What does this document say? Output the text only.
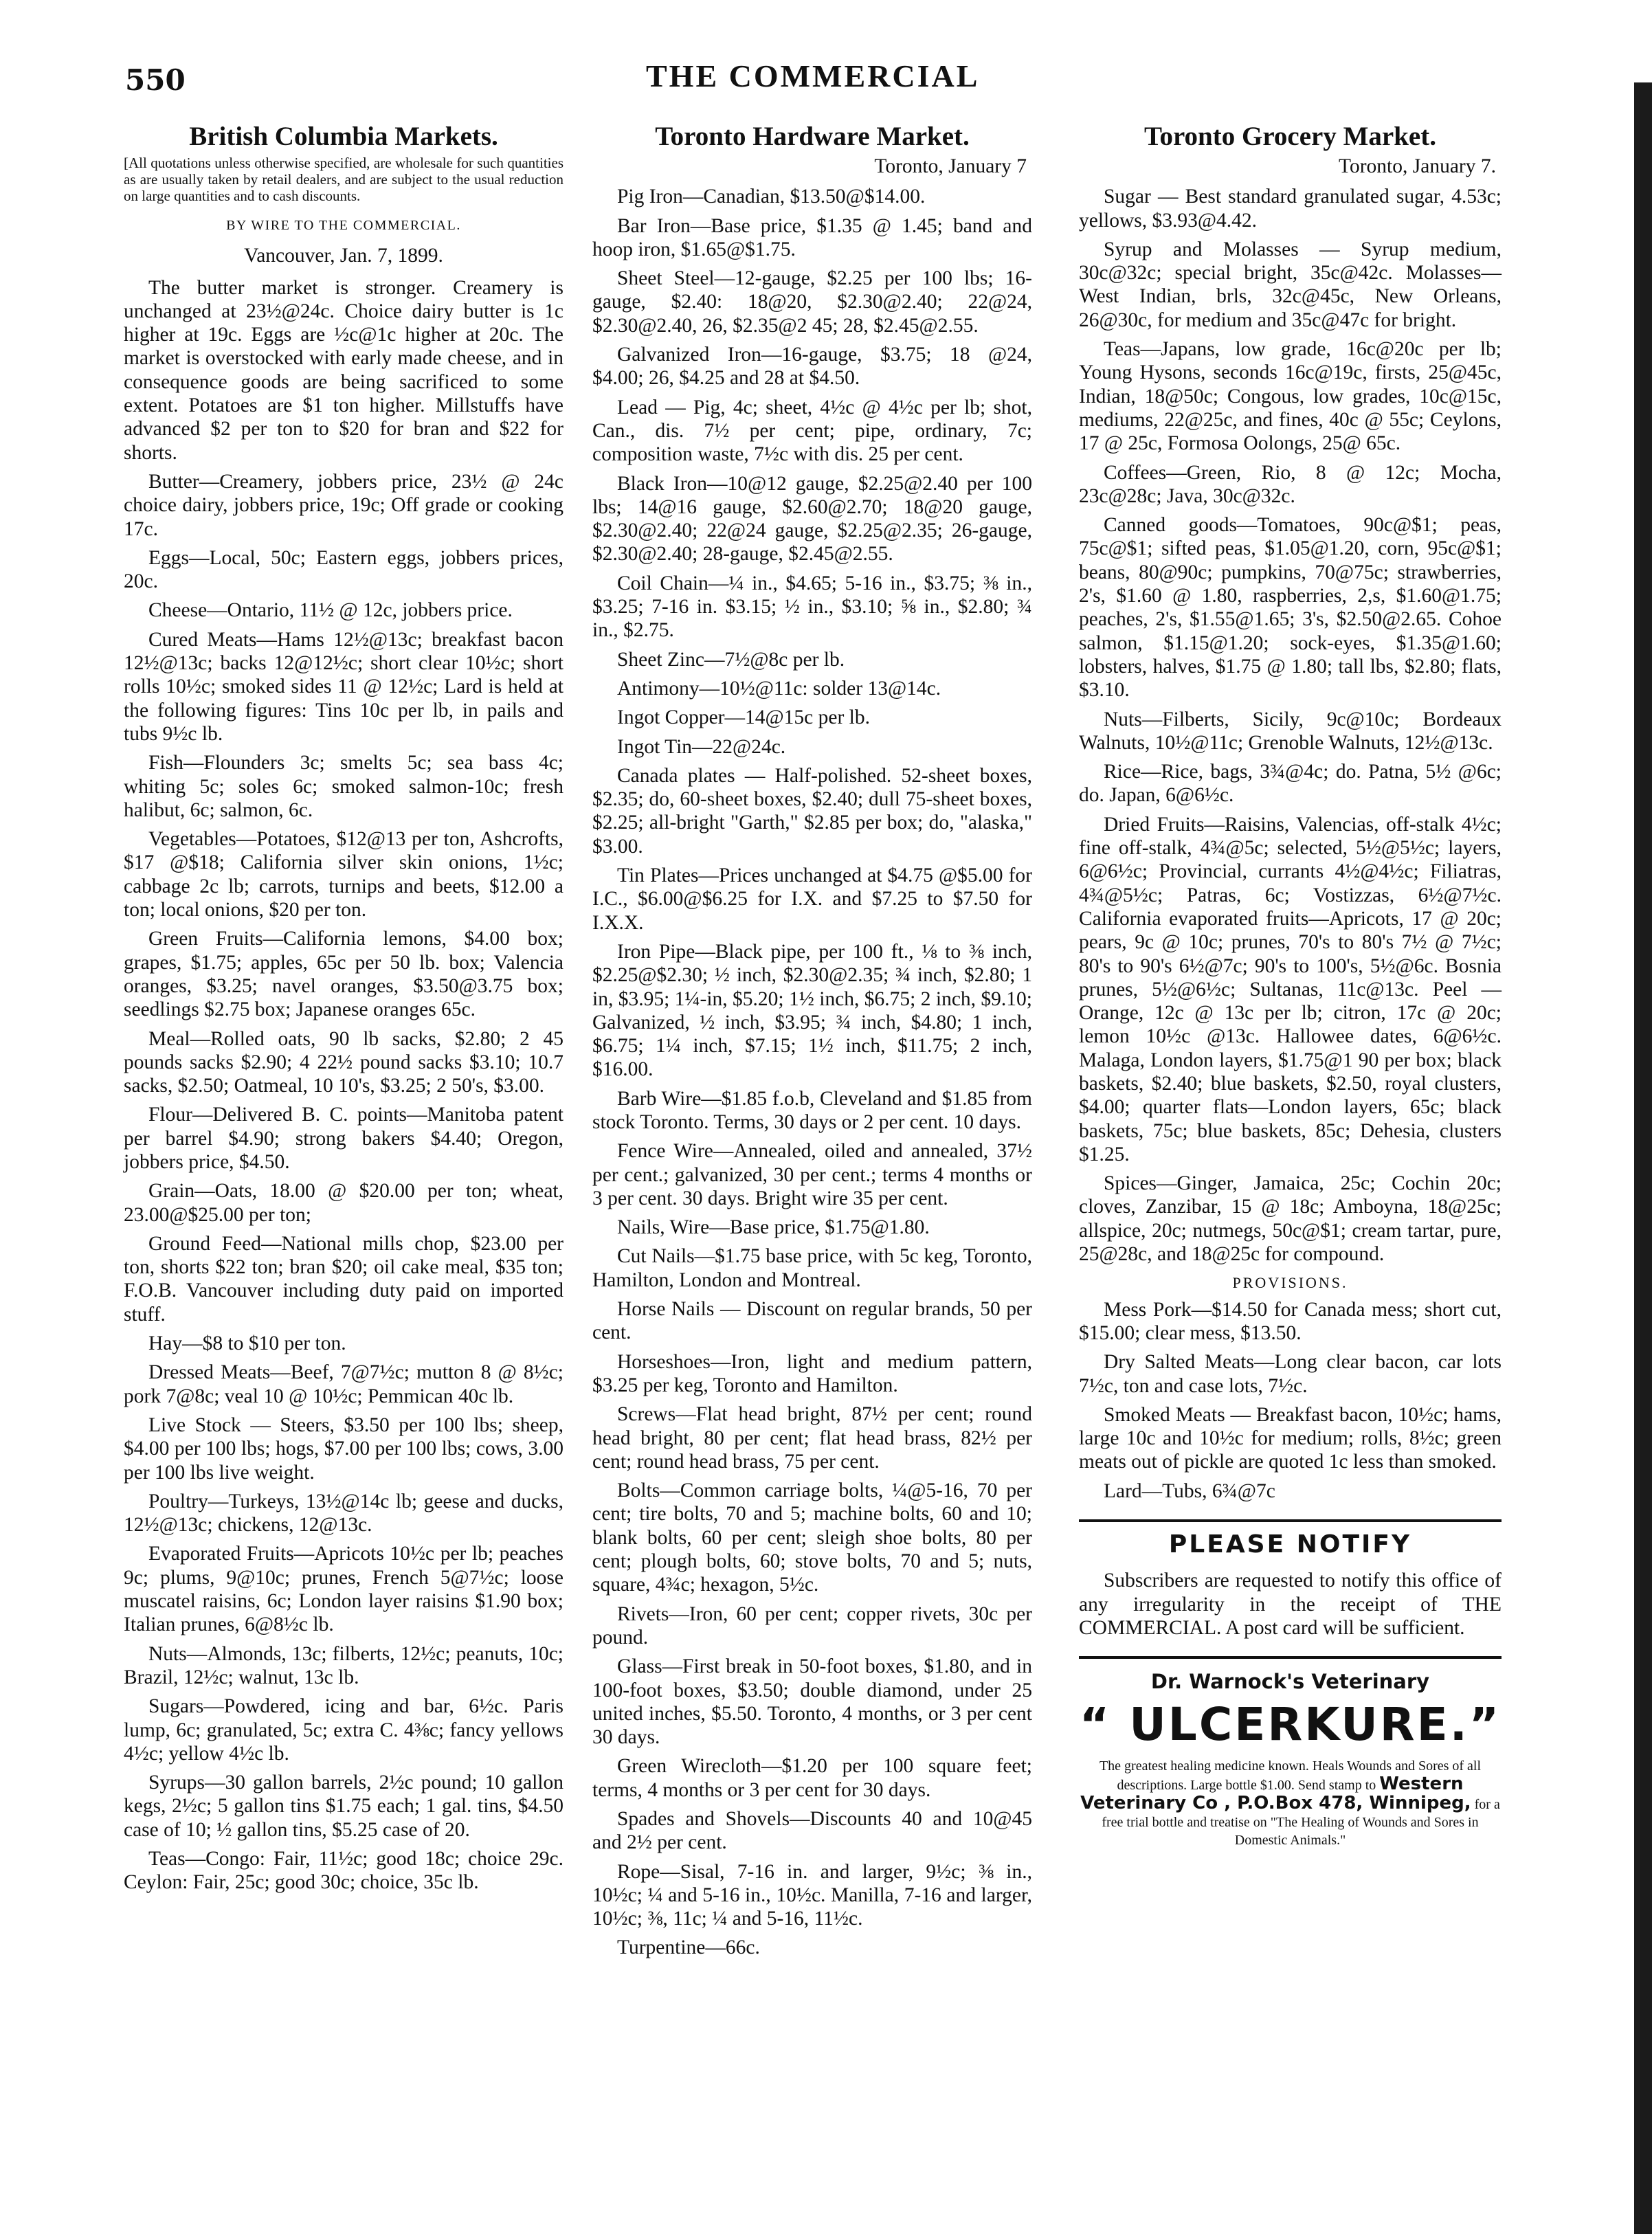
550	THE COMMERCIAL
British Columbia Markets.
[All quotations unless otherwise specified, are wholesale for such quantities as are usually taken by retail dealers, and are subject to the usual reduction on large quantities and to cash discounts.
BY WIRE TO THE COMMERCIAL.
Vancouver, Jan. 7, 1899.

The butter market is stronger. Creamery is unchanged at 23½@24c. Choice dairy butter is 1c higher at 19c. Eggs are ½c@1c higher at 20c. The market is overstocked with early made cheese, and in consequence goods are being sacrificed to some extent. Potatoes are $1 ton higher. Millstuffs have advanced $2 per ton to $20 for bran and $22 for shorts.

Butter—Creamery, jobbers price, 23½ @ 24c choice dairy, jobbers price, 19c; Off grade or cooking 17c.

Eggs—Local, 50c; Eastern eggs, jobbers prices, 20c.

Cheese—Ontario, 11½ @ 12c, jobbers price.

Cured Meats—Hams 12½@13c; breakfast bacon 12½@13c; backs 12@12½c; short clear 10½c; short rolls 10½c; smoked sides 11 @ 12½c; Lard is held at the following figures: Tins 10c per lb, in pails and tubs 9½c lb.

Fish—Flounders 3c; smelts 5c; sea bass 4c; whiting 5c; soles 6c; smoked salmon-10c; fresh halibut, 6c; salmon, 6c.

Vegetables—Potatoes, $12@13 per ton, Ashcrofts, $17 @$18; California silver skin onions, 1½c; cabbage 2c lb; carrots, turnips and beets, $12.00 a ton; local onions, $20 per ton.

Green Fruits—California lemons, $4.00 box; grapes, $1.75; apples, 65c per 50 lb. box; Valencia oranges, $3.25; navel oranges, $3.50@3.75 box; seedlings $2.75 box; Japanese oranges 65c.

Meal—Rolled oats, 90 lb sacks, $2.80; 2 45 pounds sacks $2.90; 4 22½ pound sacks $3.10; 10.7 sacks, $2.50; Oatmeal, 10 10's, $3.25; 2 50's, $3.00.

Flour—Delivered B. C. points—Manitoba patent per barrel $4.90; strong bakers $4.40; Oregon, jobbers price, $4.50.

Grain—Oats, 18.00 @ $20.00 per ton; wheat, 23.00@$25.00 per ton;

Ground Feed—National mills chop, $23.00 per ton, shorts $22 ton; bran $20; oil cake meal, $35 ton; F.O.B. Vancouver including duty paid on imported stuff.

Hay—$8 to $10 per ton.

Dressed Meats—Beef, 7@7½c; mutton 8 @ 8½c; pork 7@8c; veal 10 @ 10½c; Pemmican 40c lb.

Live Stock — Steers, $3.50 per 100 lbs; sheep, $4.00 per 100 lbs; hogs, $7.00 per 100 lbs; cows, 3.00 per 100 lbs live weight.

Poultry—Turkeys, 13½@14c lb; geese and ducks, 12½@13c; chickens, 12@13c.

Evaporated Fruits—Apricots 10½c per lb; peaches 9c; plums, 9@10c; prunes, French 5@7½c; loose muscatel raisins, 6c; London layer raisins $1.90 box; Italian prunes, 6@8½c lb.

Nuts—Almonds, 13c; filberts, 12½c; peanuts, 10c; Brazil, 12½c; walnut, 13c lb.

Sugars—Powdered, icing and bar, 6½c. Paris lump, 6c; granulated, 5c; extra C. 4⅜c; fancy yellows 4½c; yellow 4½c lb.

Syrups—30 gallon barrels, 2½c pound; 10 gallon kegs, 2½c; 5 gallon tins $1.75 each; 1 gal. tins, $4.50 case of 10; ½ gallon tins, $5.25 case of 20.

Teas—Congo: Fair, 11½c; good 18c; choice 29c. Ceylon: Fair, 25c; good 30c; choice, 35c lb.

Toronto Hardware Market.
Toronto, January 7

Pig Iron—Canadian, $13.50@$14.00.

Bar Iron—Base price, $1.35 @ 1.45; band and hoop iron, $1.65@$1.75.

Sheet Steel—12-gauge, $2.25 per 100 lbs; 16-gauge, $2.40: 18@20, $2.30@2.40; 22@24, $2.30@2.40, 26, $2.35@2 45; 28, $2.45@2.55.

Galvanized Iron—16-gauge, $3.75; 18 @24, $4.00; 26, $4.25 and 28 at $4.50.

Lead — Pig, 4c; sheet, 4½c @ 4½c per lb; shot, Can., dis. 7½ per cent; pipe, ordinary, 7c; composition waste, 7½c with dis. 25 per cent.

Black Iron—10@12 gauge, $2.25@2.40 per 100 lbs; 14@16 gauge, $2.60@2.70; 18@20 gauge, $2.30@2.40; 22@24 gauge, $2.25@2.35; 26-gauge, $2.30@2.40; 28-gauge, $2.45@2.55.

Coil Chain—¼ in., $4.65; 5-16 in., $3.75; ⅜ in., $3.25; 7-16 in. $3.15; ½ in., $3.10; ⅝ in., $2.80; ¾ in., $2.75.

Sheet Zinc—7½@8c per lb.

Antimony—10½@11c: solder 13@14c.

Ingot Copper—14@15c per lb.

Ingot Tin—22@24c.

Canada plates — Half-polished. 52-sheet boxes, $2.35; do, 60-sheet boxes, $2.40; dull 75-sheet boxes, $2.25; all-bright "Garth," $2.85 per box; do, "alaska," $3.00.

Tin Plates—Prices unchanged at $4.75 @$5.00 for I.C., $6.00@$6.25 for I.X. and $7.25 to $7.50 for I.X.X.

Iron Pipe—Black pipe, per 100 ft., ⅛ to ⅜ inch, $2.25@$2.30; ½ inch, $2.30@2.35; ¾ inch, $2.80; 1 in, $3.95; 1¼-in, $5.20; 1½ inch, $6.75; 2 inch, $9.10; Galvanized, ½ inch, $3.95; ¾ inch, $4.80; 1 inch, $6.75; 1¼ inch, $7.15; 1½ inch, $11.75; 2 inch, $16.00.

Barb Wire—$1.85 f.o.b, Cleveland and $1.85 from stock Toronto. Terms, 30 days or 2 per cent. 10 days.

Fence Wire—Annealed, oiled and annealed, 37½ per cent.; galvanized, 30 per cent.; terms 4 months or 3 per cent. 30 days. Bright wire 35 per cent.

Nails, Wire—Base price, $1.75@1.80.

Cut Nails—$1.75 base price, with 5c keg, Toronto, Hamilton, London and Montreal.

Horse Nails — Discount on regular brands, 50 per cent.

Horseshoes—Iron, light and medium pattern, $3.25 per keg, Toronto and Hamilton.

Screws—Flat head bright, 87½ per cent; round head bright, 80 per cent; flat head brass, 82½ per cent; round head brass, 75 per cent.

Bolts—Common carriage bolts, ¼@5-16, 70 per cent; tire bolts, 70 and 5; machine bolts, 60 and 10; blank bolts, 60 per cent; sleigh shoe bolts, 80 per cent; plough bolts, 60; stove bolts, 70 and 5; nuts, square, 4¾c; hexagon, 5½c.

Rivets—Iron, 60 per cent; copper rivets, 30c per pound.

Glass—First break in 50-foot boxes, $1.80, and in 100-foot boxes, $3.50; double diamond, under 25 united inches, $5.50. Toronto, 4 months, or 3 per cent 30 days.

Green Wirecloth—$1.20 per 100 square feet; terms, 4 months or 3 per cent for 30 days.

Spades and Shovels—Discounts 40 and 10@45 and 2½ per cent.

Rope—Sisal, 7-16 in. and larger, 9½c; ⅜ in., 10½c; ¼ and 5-16 in., 10½c. Manilla, 7-16 and larger, 10½c; ⅜, 11c; ¼ and 5-16, 11½c.

Turpentine—66c.

Toronto Grocery Market.
Toronto, January 7.

Sugar — Best standard granulated sugar, 4.53c; yellows, $3.93@4.42.

Syrup and Molasses — Syrup medium, 30c@32c; special bright, 35c@42c. Molasses—West Indian, brls, 32c@45c, New Orleans, 26@30c, for medium and 35c@47c for bright.

Teas—Japans, low grade, 16c@20c per lb; Young Hysons, seconds 16c@19c, firsts, 25@45c, Indian, 18@50c; Congous, low grades, 10c@15c, mediums, 22@25c, and fines, 40c @ 55c; Ceylons, 17 @ 25c, Formosa Oolongs, 25@ 65c.

Coffees—Green, Rio, 8 @ 12c; Mocha, 23c@28c; Java, 30c@32c.

Canned goods—Tomatoes, 90c@$1; peas, 75c@$1; sifted peas, $1.05@1.20, corn, 95c@$1; beans, 80@90c; pumpkins, 70@75c; strawberries, 2's, $1.60 @ 1.80, raspberries, 2,s, $1.60@1.75; peaches, 2's, $1.55@1.65; 3's, $2.50@2.65. Cohoe salmon, $1.15@1.20; sock-eyes, $1.35@1.60; lobsters, halves, $1.75 @ 1.80; tall lbs, $2.80; flats, $3.10.

Nuts—Filberts, Sicily, 9c@10c; Bordeaux Walnuts, 10½@11c; Grenoble Walnuts, 12½@13c.

Rice—Rice, bags, 3¾@4c; do. Patna, 5½ @6c; do. Japan, 6@6½c.

Dried Fruits—Raisins, Valencias, off-stalk 4½c; fine off-stalk, 4¾@5c; selected, 5½@5½c; layers, 6@6½c; Provincial, currants 4½@4½c; Filiatras, 4¾@5½c; Patras, 6c; Vostizzas, 6½@7½c. California evaporated fruits—Apricots, 17 @ 20c; pears, 9c @ 10c; prunes, 70's to 80's 7½ @ 7½c; 80's to 90's 6½@7c; 90's to 100's, 5½@6c. Bosnia prunes, 5½@6½c; Sultanas, 11c@13c. Peel — Orange, 12c @ 13c per lb; citron, 17c @ 20c; lemon 10½c @13c. Hallowee dates, 6@6½c. Malaga, London layers, $1.75@1 90 per box; black baskets, $2.40; blue baskets, $2.50, royal clusters, $4.00; quarter flats—London layers, 65c; black baskets, 75c; blue baskets, 85c; Dehesia, clusters $1.25.

Spices—Ginger, Jamaica, 25c; Cochin 20c; cloves, Zanzibar, 15 @ 18c; Amboyna, 18@25c; allspice, 20c; nutmegs, 50c@$1; cream tartar, pure, 25@28c, and 18@25c for compound.

PROVISIONS.

Mess Pork—$14.50 for Canada mess; short cut, $15.00; clear mess, $13.50.

Dry Salted Meats—Long clear bacon, car lots 7½c, ton and case lots, 7½c.

Smoked Meats — Breakfast bacon, 10½c; hams, large 10c and 10½c for medium; rolls, 8½c; green meats out of pickle are quoted 1c less than smoked.

Lard—Tubs, 6¾@7c

PLEASE NOTIFY

Subscribers are requested to notify this office of any irregularity in the receipt of THE COMMERCIAL. A post card will be sufficient.

Dr. Warnock's Veterinary
“ ULCERKURE.”
The greatest healing medicine known. Heals Wounds and Sores of all descriptions. Large bottle $1.00. Send stamp to Western Veterinary Co , P.O.Box 478, Winnipeg, for a free trial bottle and treatise on "The Healing of Wounds and Sores in Domestic Animals."
